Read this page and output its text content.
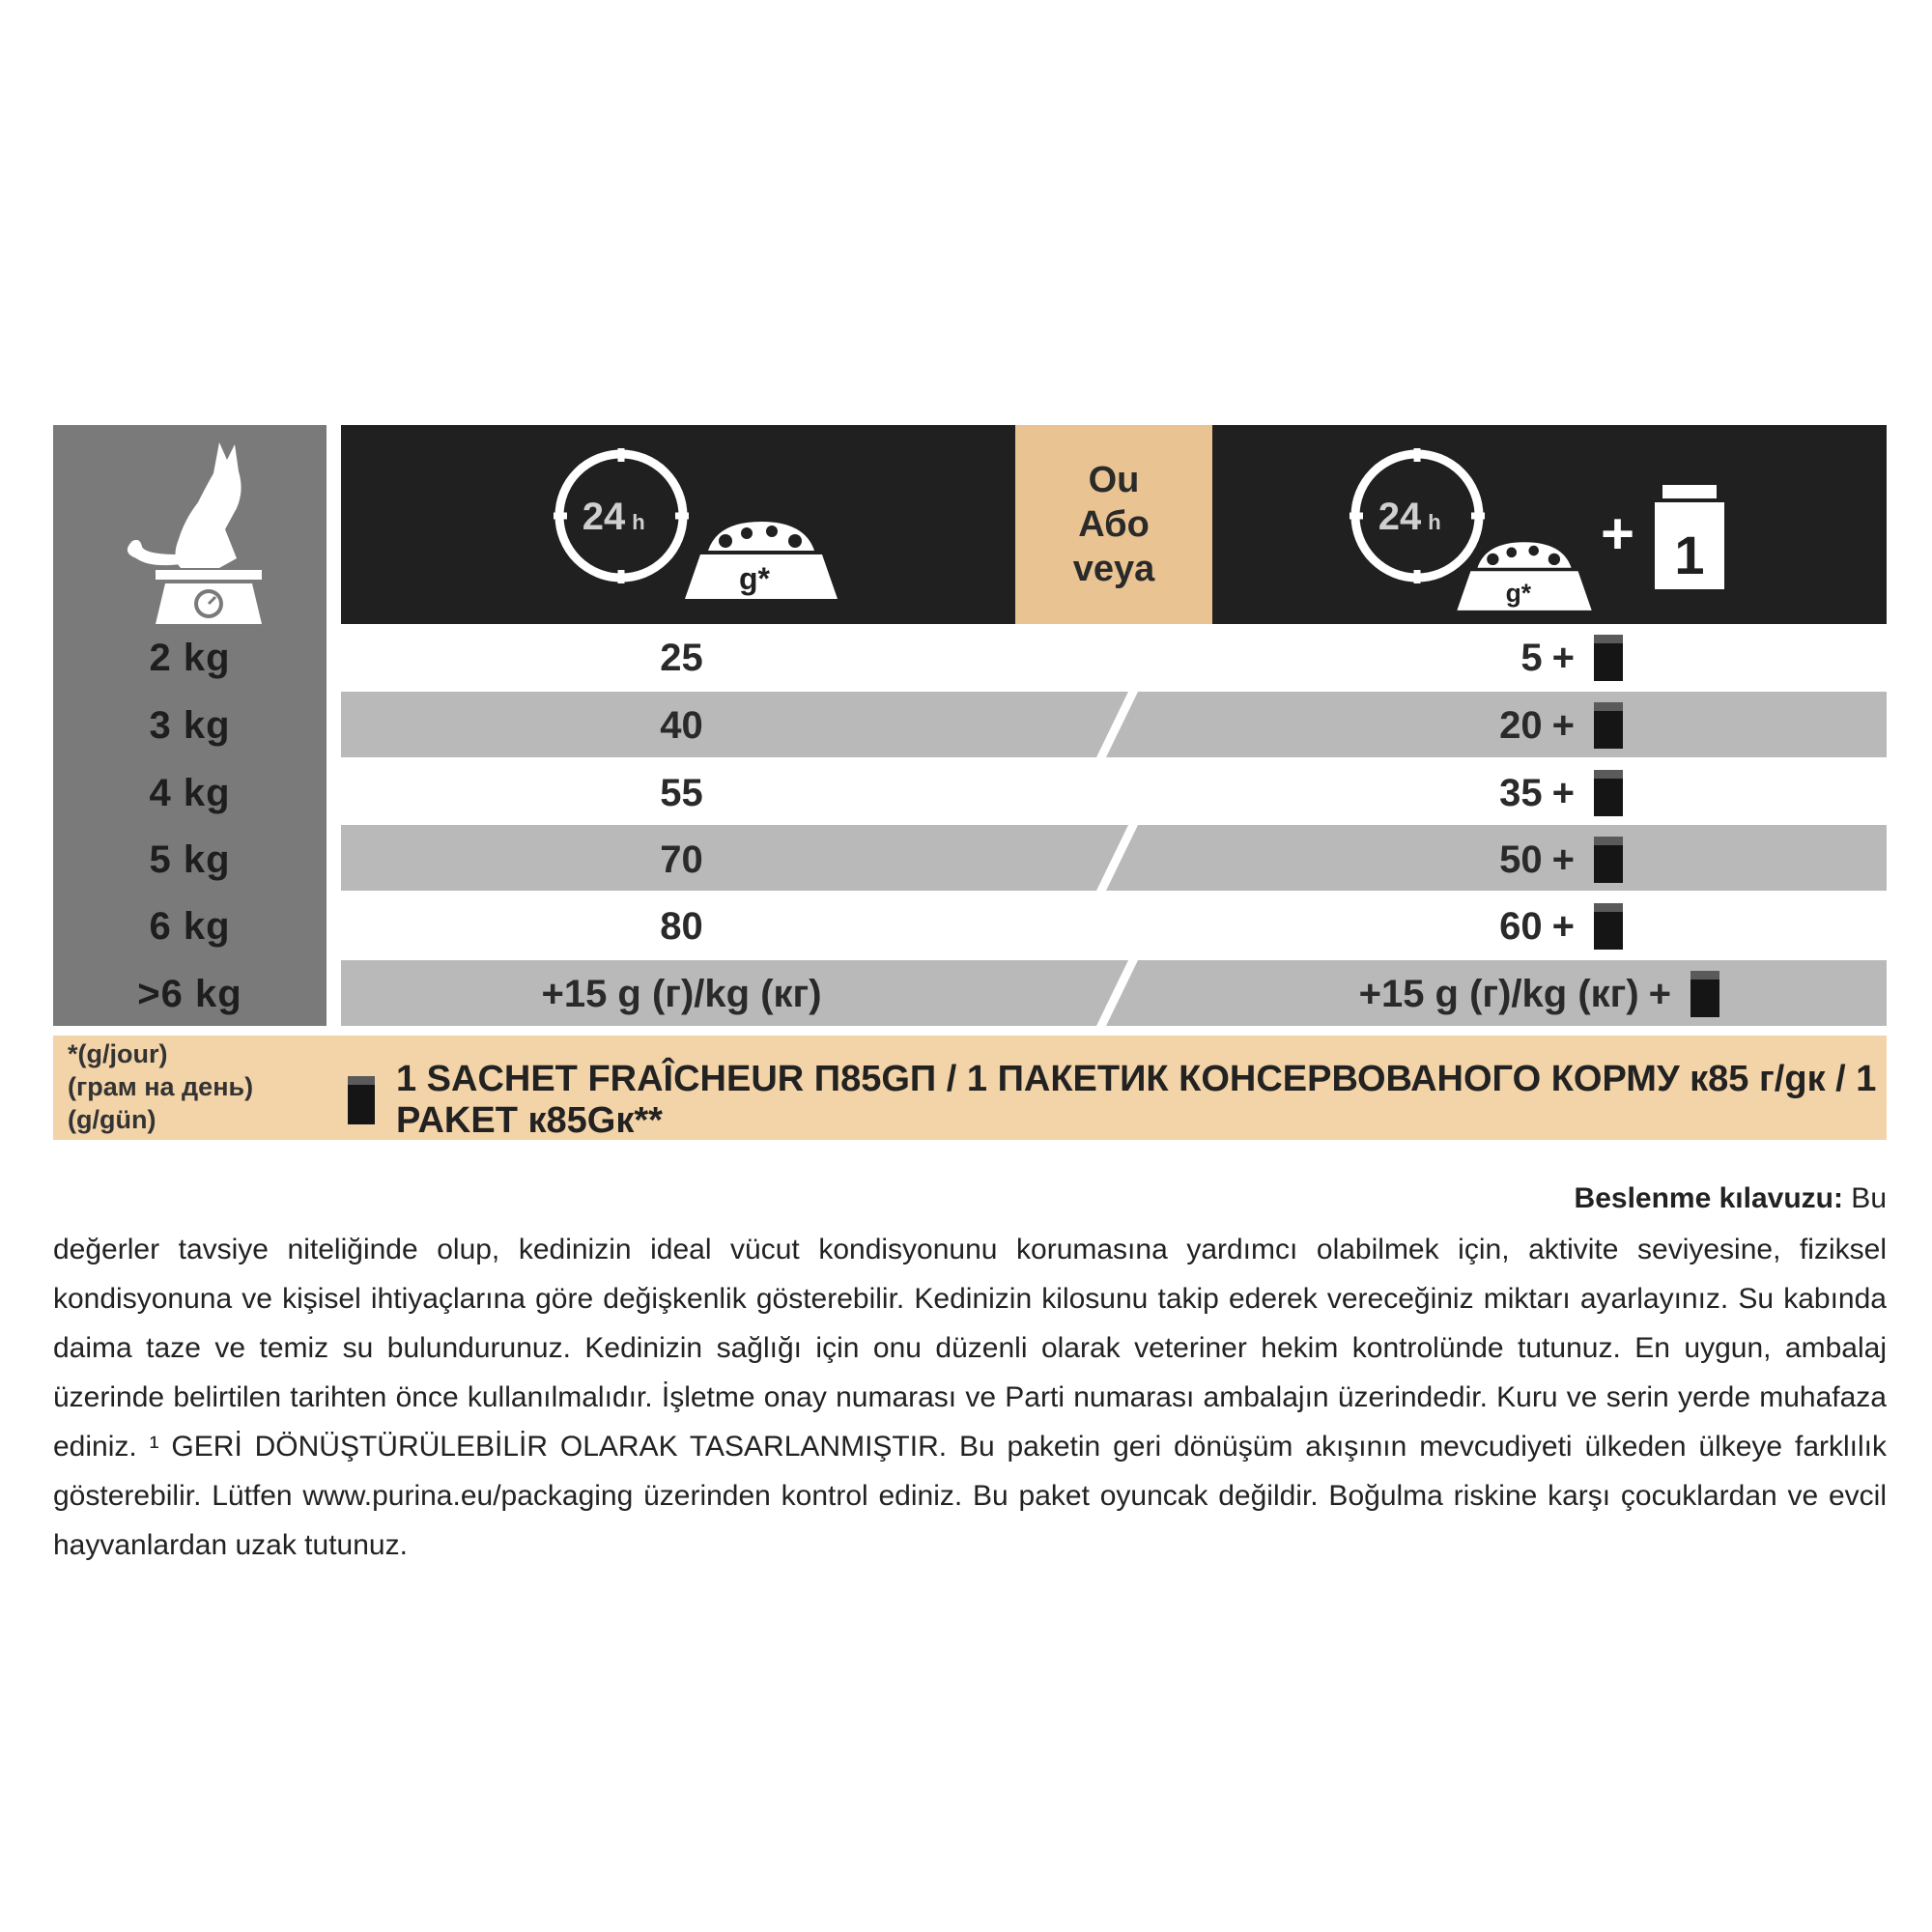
24 h
g*
Ou
Або
veya
24 h
g*
+ 1
2 kg
3 kg
4 kg
5 kg
6 kg
>6 kg
25
40
55
70
80
+15 g (г)/kg (кг)
5 +
20 +
35 +
50 +
60 +
+15 g (г)/kg (кг) +
*(g/jour)
(грам на день)
(g/gün)
1 SACHET FRAÎCHEUR П85GП / 1 ПАКЕТИК КОНСЕРВОВАНОГО КОРМУ к85 г/gк / 1 PAKET к85Gк**
Beslenme kılavuzu: Bu
değerler tavsiye niteliğinde olup, kedinizin ideal vücut kondisyonunu korumasına yardımcı olabilmek için, aktivite seviyesine, fiziksel kondisyonuna ve kişisel ihtiyaçlarına göre değişkenlik gösterebilir. Kedinizin kilosunu takip ederek vereceğiniz miktarı ayarlayınız. Su kabında daima taze ve temiz su bulundurunuz. Kedinizin sağlığı için onu düzenli olarak veteriner hekim kontrolünde tutunuz. En uygun, ambalaj üzerinde belirtilen tarihten önce kullanılmalıdır. İşletme onay numarası ve Parti numarası ambalajın üzerindedir. Kuru ve serin yerde muhafaza ediniz. ¹ GERİ DÖNÜŞTÜRÜLEBİLİR OLARAK TASARLANMIŞTIR. Bu paketin geri dönüşüm akışının mevcudiyeti ülkeden ülkeye farklılık gösterebilir. Lütfen www.purina.eu/packaging üzerinden kontrol ediniz. Bu paket oyuncak değildir. Boğulma riskine karşı çocuklardan ve evcil hayvanlardan uzak tutunuz.
